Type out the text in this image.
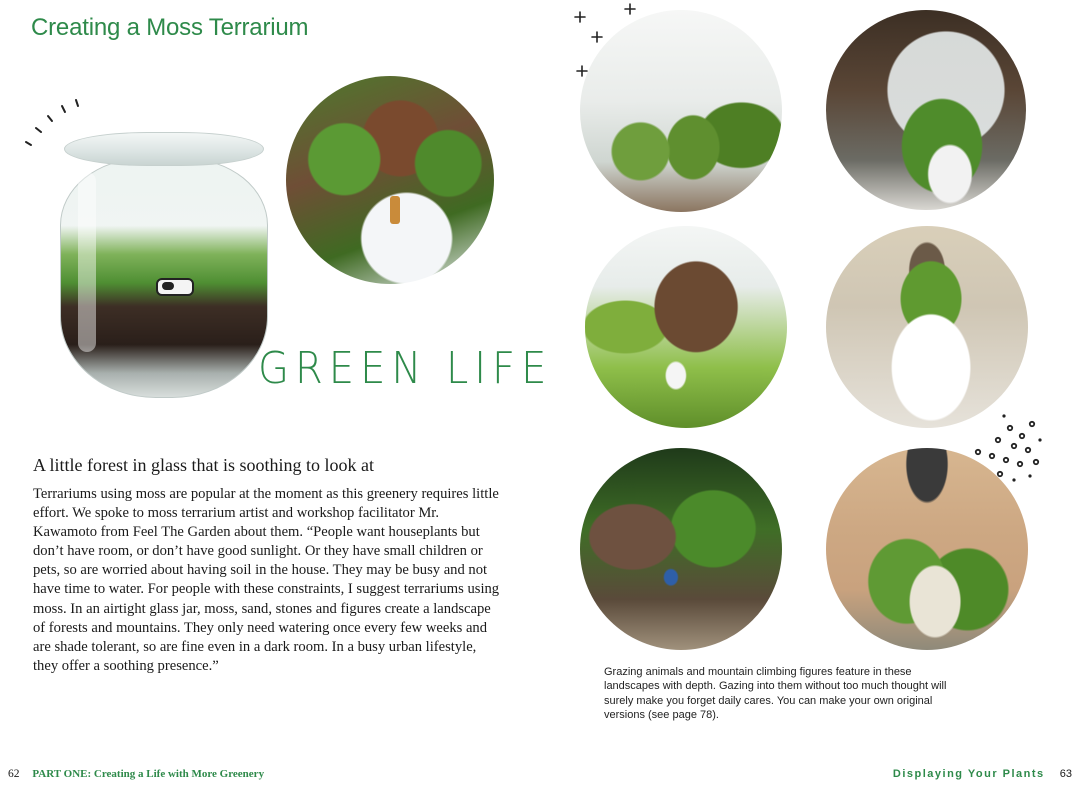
Creating a Moss Terrarium
GREEN LIFE
A little forest in glass that is soothing to look at

Terrariums using moss are popular at the moment as this greenery requires little effort. We spoke to moss terrarium artist and workshop facilitator Mr. Kawamoto from Feel The Garden about them. “People want houseplants but don’t have room, or don’t have good sunlight. Or they have small children or pets, so are worried about having soil in the house. They may be busy and not have time to water. For people with these constraints, I suggest terrariums using moss. In an airtight glass jar, moss, sand, stones and figures create a landscape of forests and mountains. They only need watering once every few weeks and are shade tolerant, so are fine even in a dark room. In a busy urban lifestyle, they offer a soothing presence.”

62 PART ONE: Creating a Life with More Greenery

Grazing animals and mountain climbing figures feature in these landscapes with depth. Gazing into them without too much thought will surely make you forget daily cares. You can make your own original versions (see page 78).

Displaying Your Plants 63
